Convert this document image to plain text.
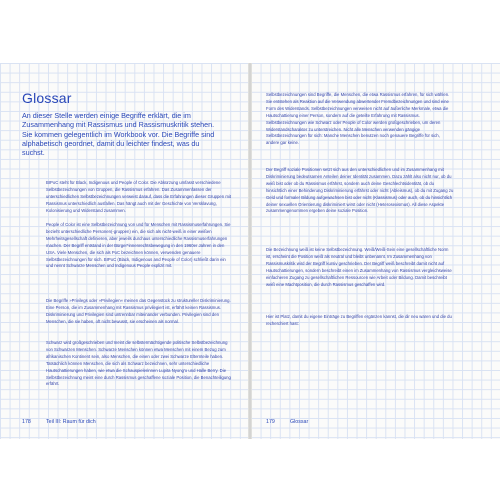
Glossar

An dieser Stelle werden einige Begriffe erklärt, die im Zusammenhang mit Rassismus und Rassismuskritik stehen. Sie kommen gelegentlich im Workbook vor. Die Begriffe sind alphabetisch geordnet, damit du leichter findest, was du suchst.

BIPoC steht für Black, Indigenous und People of Color. Die Abkürzung umfasst verschiedene Selbstbezeichnungen von Gruppen, die Rassismus erfahren. Das Zusammenfassen der unterschiedlichen Selbstbezeichnungen verweist darauf, dass die Erfahrungen dieser Gruppen mit Rassismus unterschiedlich ausfallen. Das hängt auch mit der Geschichte von Versklavung, Kolonisierung und Widerstand zusammen.

People of Color ist eine Selbstbezeichnung von und für Menschen mit Rassismuserfahrungen. Sie bezieht unterschiedliche Personen(-gruppen) ein, die sich als nicht-weiß in einer weißen Mehrheitsgesellschaft definieren, aber jeweils durchaus unterschiedliche Rassismuserfahrungen machen. Der Begriff entstand in der Bürger*innenrechtsbewegung in den 1960er Jahren in den USA. Viele Menschen, die sich als PoC bezeichnen können, verwenden genauere Selbstbezeichnungen für sich. BIPoC (Black, Indigenous and People of Color) schließt darin ein und nennt Schwarze Menschen und Indigenous People explizit mit.

Die Begriffe »Privilegs oder »Privilegien« meinen das Gegenstück zu struktureller Diskriminierung. Eine Person, die im Zusammenhang mit Rassismus privilegiert ist, erfährt keinen Rassismus. Diskriminierung und Privilegien sind untrennbar miteinander verbunden. Privilegien sind den Menschen, die sie haben, oft nicht bewusst, sie erscheinen als normal.

Schwarz wird großgeschrieben und meint die selbstermächtigende politische Selbstbezeichnung von Schwarzen Menschen. Schwarze Menschen können etwa Menschen mit einem Bezug zum afrikanischen Kontinent sein, also Menschen, die einen oder zwei Schwarze Elternteile haben. Tatsächlich können Menschen, die sich als Schwarz bezeichnen, sehr unterschiedliche Hautschattierungen haben, wie etwa die Schauspielerinnen Lupita Nyong'o und Halle Berry. Die Selbstbezeichnung meint eine durch Rassismus geschaffene soziale Position, die Benachteiligung erfährt.

Selbstbezeichnungen sind Begriffe, die Menschen, die etwa Rassismus erfahren, für sich wählen. Sie entstehen als Reaktion auf die Verwendung abwertender Fremdbezeichnungen und sind eine Form des Widerstands. Selbstbezeichnungen verweisen nicht auf äußerliche Merkmale, etwa die Hautschattierung einer Person, sondern auf die geteilte Erfahrung mit Rassismus. Selbstbezeichnungen wie Schwarz oder People of Color werden großgeschrieben, um deren Widerstandscharakter zu unterstreichen. Nicht alle Menschen verwenden gängige Selbstbezeichnungen für sich: Manche Menschen benutzen noch genauere Begriffe für sich, andere gar keine.

Der Begriff soziale Positionen setzt sich aus den unterschiedlichen und im Zusammenhang mit Diskriminierung bedeutsamen Anteilen deiner Identität zusammen. Dazu zählt also nicht nur, ob du weiß bist oder ob du Rassismus erfährst, sondern auch deine Geschlechtsidentität, ob du hinsichtlich einer Behinderung Diskriminierung erfährst oder nicht (Ableismus), ob du mit Zugang zu Geld und formaler Bildung aufgewachsen bist oder nicht (Klassismus) oder auch, ob du hinsichtlich deiner sexuellen Orientierung diskriminiert wirst oder nicht (Heterosexismus). All diese Aspekte zusammengenommen ergeben deine soziale Position.

Die Bezeichnung weiß ist keine Selbstbezeichnung. Weiß/Weiß-Sein eine gesellschaftliche Norm ist, erscheint die Position weiß als neutral und bleibt unbenannt. Im Zusammenhang von Rassismuskritik wird der Begriff kursiv geschrieben. Der Begriff weiß beschreibt damit nicht auf Hautschattierungen, sondern beschreibt einen im Zusammenhang von Rassismus vergleichsweise einfacheren Zugang zu gesellschaftlichen Ressourcen wie Arbeit oder Bildung. Damit beschreibt weiß eine Machtposition, die durch Rassismus geschaffen wird.

Hier ist Platz, damit du eigene Einträge zu Begriffen ergänzen kannst, die dir neu waren und die du recherchiert hast:

178	Teil III: Raum für dich	179	Glossar
